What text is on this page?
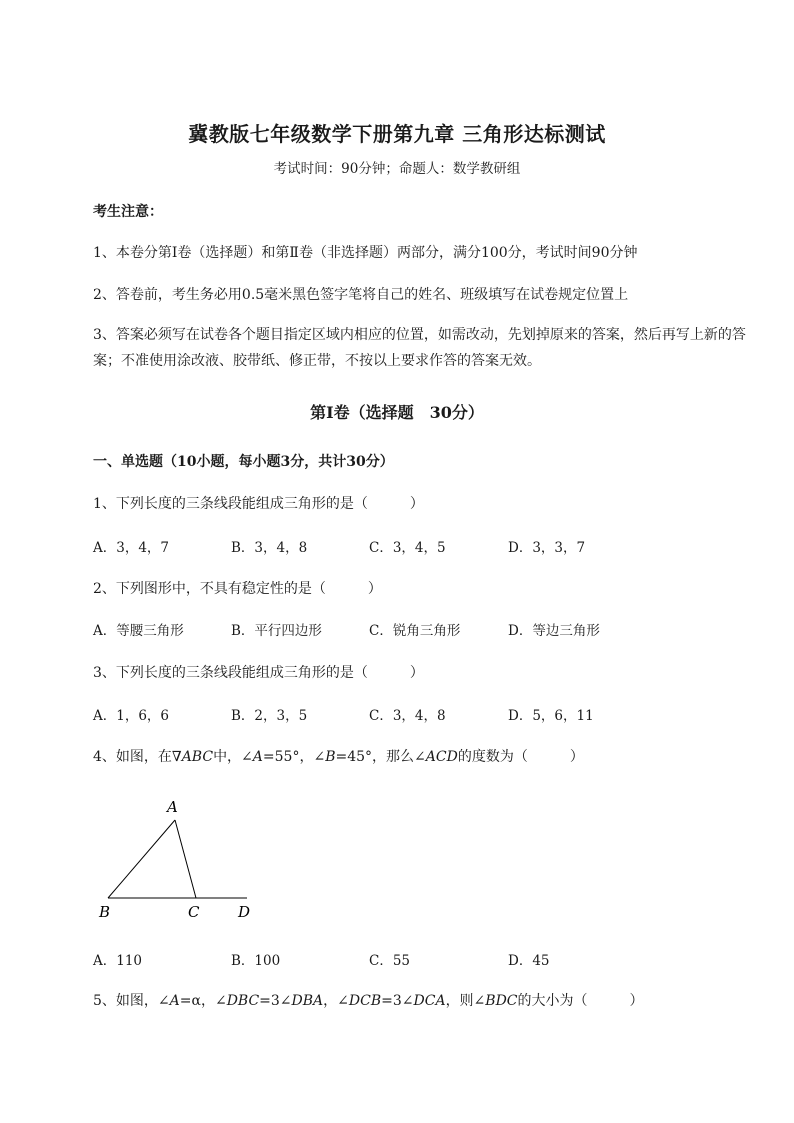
冀教版七年级数学下册第九章 三角形达标测试
考试时间：90分钟；命题人：数学教研组
考生注意：
1、本卷分第Ⅰ卷（选择题）和第Ⅱ卷（非选择题）两部分，满分100分，考试时间90分钟
2、答卷前，考生务必用0.5毫米黑色签字笔将自己的姓名、班级填写在试卷规定位置上
3、答案必须写在试卷各个题目指定区域内相应的位置，如需改动，先划掉原来的答案，然后再写上新的答案；不准使用涂改液、胶带纸、修正带，不按以上要求作答的答案无效。
第Ⅰ卷（选择题　30分）
一、单选题（10小题，每小题3分，共计30分）
1、下列长度的三条线段能组成三角形的是（　　　）
A．3，4，7	B．3，4，8	C．3，4，5	D．3，3，7
2、下列图形中，不具有稳定性的是（　　　）
A．等腰三角形	B．平行四边形	C．锐角三角形	D．等边三角形
3、下列长度的三条线段能组成三角形的是（　　　）
A．1，6，6	B．2，3，5	C．3，4，8	D．5，6，11
4、如图，在∇ABC中，∠A=55°，∠B=45°，那么∠ACD的度数为（　　　）
A
B	C	D
A．110	B．100	C．55	D．45
5、如图，∠A=α，∠DBC=3∠DBA，∠DCB=3∠DCA，则∠BDC的大小为（　　　）
